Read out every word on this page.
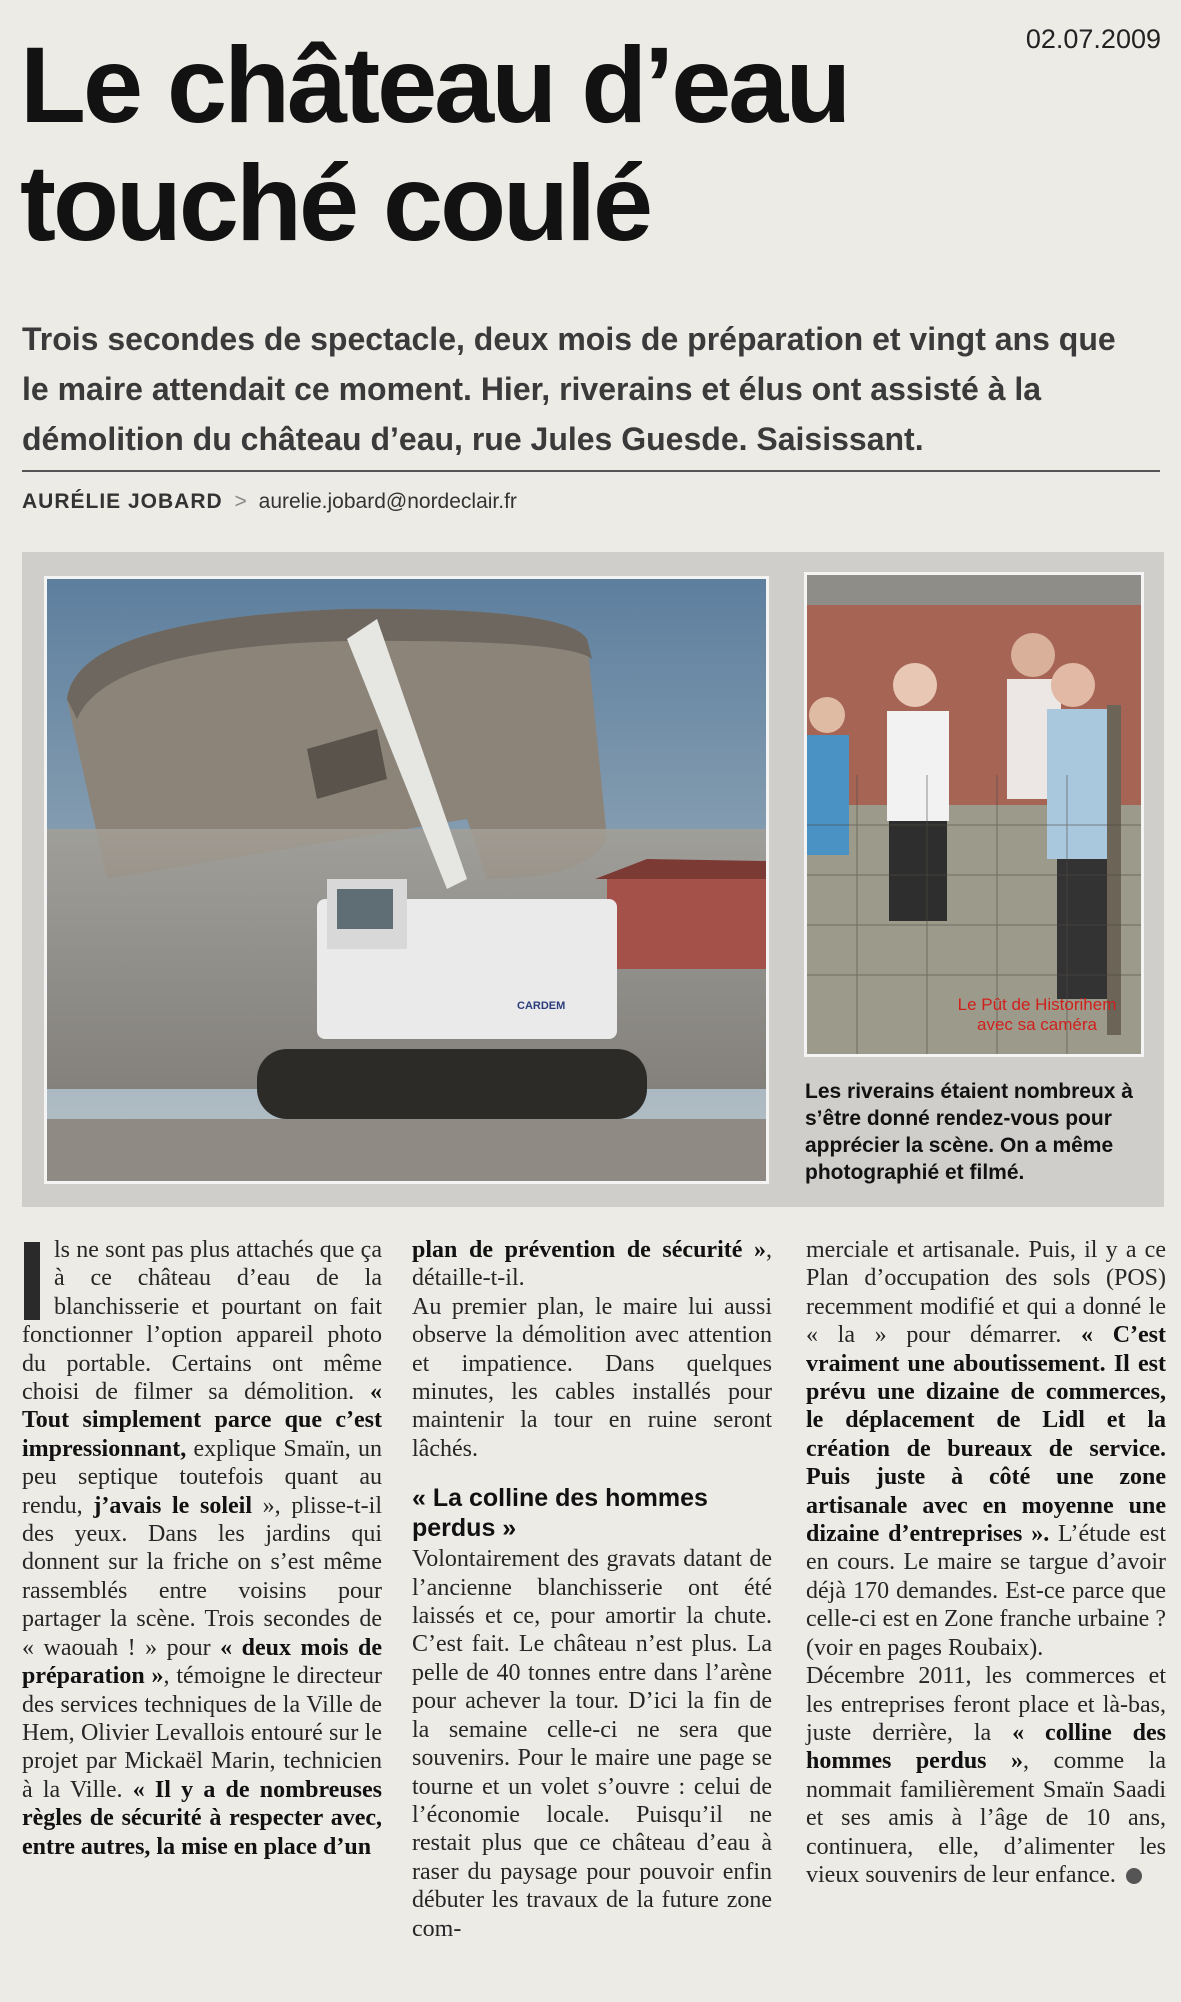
02.07.2009
Le château d’eau touché coulé

Trois secondes de spectacle, deux mois de préparation et vingt ans que le maire attendait ce moment. Hier, riverains et élus ont assisté à la démolition du château d’eau, rue Jules Guesde. Saisissant.

AURÉLIE JOBARD > aurelie.jobard@nordeclair.fr
CARDEM	Le Pût de Historihem
avec sa caméra

Les riverains étaient nombreux à s’être donné rendez-vous pour apprécier la scène. On a même photographié et filmé.

ls ne sont pas plus attachés que ça à ce château d’eau de la blanchisserie et pourtant on fait fonctionner l’option appareil photo du portable. Certains ont même choisi de filmer sa démolition. « Tout simplement parce que c’est impressionnant, explique Smaïn, un peu septique toutefois quant au rendu, j’avais le soleil », plisse-t-il des yeux. Dans les jardins qui donnent sur la friche on s’est même rassemblés entre voisins pour partager la scène. Trois secondes de « waouah ! » pour « deux mois de préparation », témoigne le directeur des services techniques de la Ville de Hem, Olivier Levallois entouré sur le projet par Mickaël Marin, technicien à la Ville. « Il y a de nombreuses règles de sécurité à respecter avec, entre autres, la mise en place d’un

plan de prévention de sécurité », détaille-t-il.

Au premier plan, le maire lui aussi observe la démolition avec attention et impatience. Dans quelques minutes, les cables installés pour maintenir la tour en ruine seront lâchés.

« La colline des hommes perdus »

Volontairement des gravats datant de l’ancienne blanchisserie ont été laissés et ce, pour amortir la chute. C’est fait. Le château n’est plus. La pelle de 40 tonnes entre dans l’arène pour achever la tour. D’ici la fin de la semaine celle-ci ne sera que souvenirs. Pour le maire une page se tourne et un volet s’ouvre : celui de l’économie locale. Puisqu’il ne restait plus que ce château d’eau à raser du paysage pour pouvoir enfin débuter les travaux de la future zone com-

merciale et artisanale. Puis, il y a ce Plan d’occupation des sols (POS) recemment modifié et qui a donné le « la » pour démarrer. « C’est vraiment une aboutissement. Il est prévu une dizaine de commerces, le déplacement de Lidl et la création de bureaux de service. Puis juste à côté une zone artisanale avec en moyenne une dizaine d’entreprises ». L’étude est en cours. Le maire se targue d’avoir déjà 170 demandes. Est-ce parce que celle-ci est en Zone franche urbaine ? (voir en pages Roubaix).

Décembre 2011, les commerces et les entreprises feront place et là-bas, juste derrière, la « colline des hommes perdus », comme la nommait familièrement Smaïn Saadi et ses amis à l’âge de 10 ans, continuera, elle, d’alimenter les vieux souvenirs de leur enfance.
